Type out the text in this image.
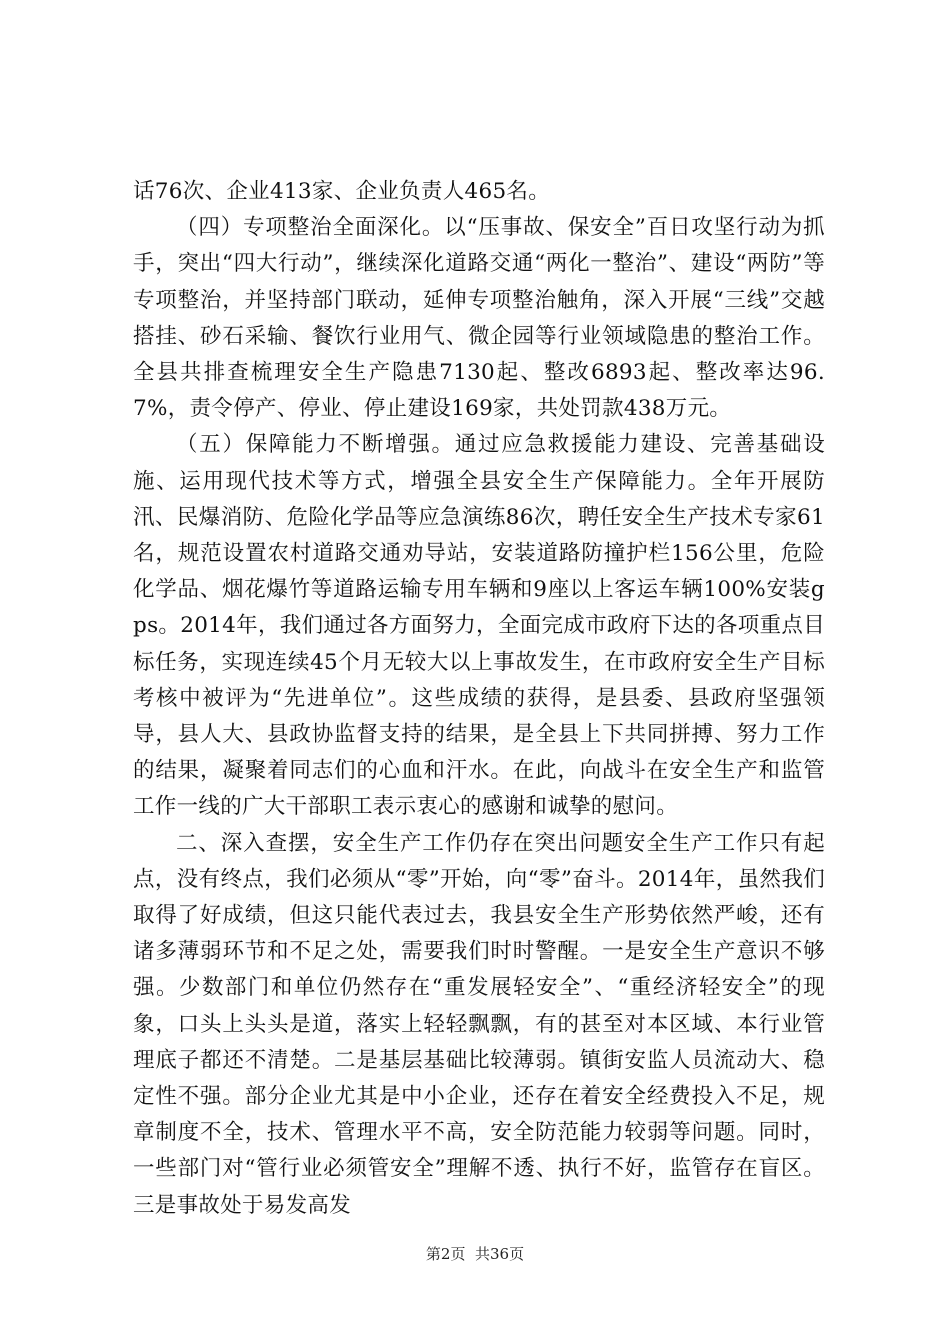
话76次、企业413家、企业负责人465名。

（四）专项整治全面深化。以“压事故、保安全”百日攻坚行动为抓手，突出“四大行动”，继续深化道路交通“两化一整治”、建设“两防”等专项整治，并坚持部门联动，延伸专项整治触角，深入开展“三线”交越搭挂、砂石采输、餐饮行业用气、微企园等行业领域隐患的整治工作。全县共排查梳理安全生产隐患7130起、整改6893起、整改率达96.7%，责令停产、停业、停止建设169家，共处罚款438万元。

（五）保障能力不断增强。通过应急救援能力建设、完善基础设施、运用现代技术等方式，增强全县安全生产保障能力。全年开展防汛、民爆消防、危险化学品等应急演练86次，聘任安全生产技术专家61名，规范设置农村道路交通劝导站，安装道路防撞护栏156公里，危险化学品、烟花爆竹等道路运输专用车辆和9座以上客运车辆100%安装gps。2014年，我们通过各方面努力，全面完成市政府下达的各项重点目标任务，实现连续45个月无较大以上事故发生，在市政府安全生产目标考核中被评为“先进单位”。这些成绩的获得，是县委、县政府坚强领导，县人大、县政协监督支持的结果，是全县上下共同拼搏、努力工作的结果，凝聚着同志们的心血和汗水。在此，向战斗在安全生产和监管工作一线的广大干部职工表示衷心的感谢和诚挚的慰问。

二、深入查摆，安全生产工作仍存在突出问题安全生产工作只有起点，没有终点，我们必须从“零”开始，向“零”奋斗。2014年，虽然我们取得了好成绩，但这只能代表过去，我县安全生产形势依然严峻，还有诸多薄弱环节和不足之处，需要我们时时警醒。一是安全生产意识不够强。少数部门和单位仍然存在“重发展轻安全”、“重经济轻安全”的现象，口头上头头是道，落实上轻轻飘飘，有的甚至对本区域、本行业管理底子都还不清楚。二是基层基础比较薄弱。镇街安监人员流动大、稳定性不强。部分企业尤其是中小企业，还存在着安全经费投入不足，规章制度不全，技术、管理水平不高，安全防范能力较弱等问题。同时，一些部门对“管行业必须管安全”理解不透、执行不好，监管存在盲区。三是事故处于易发高发

第2页 共36页
